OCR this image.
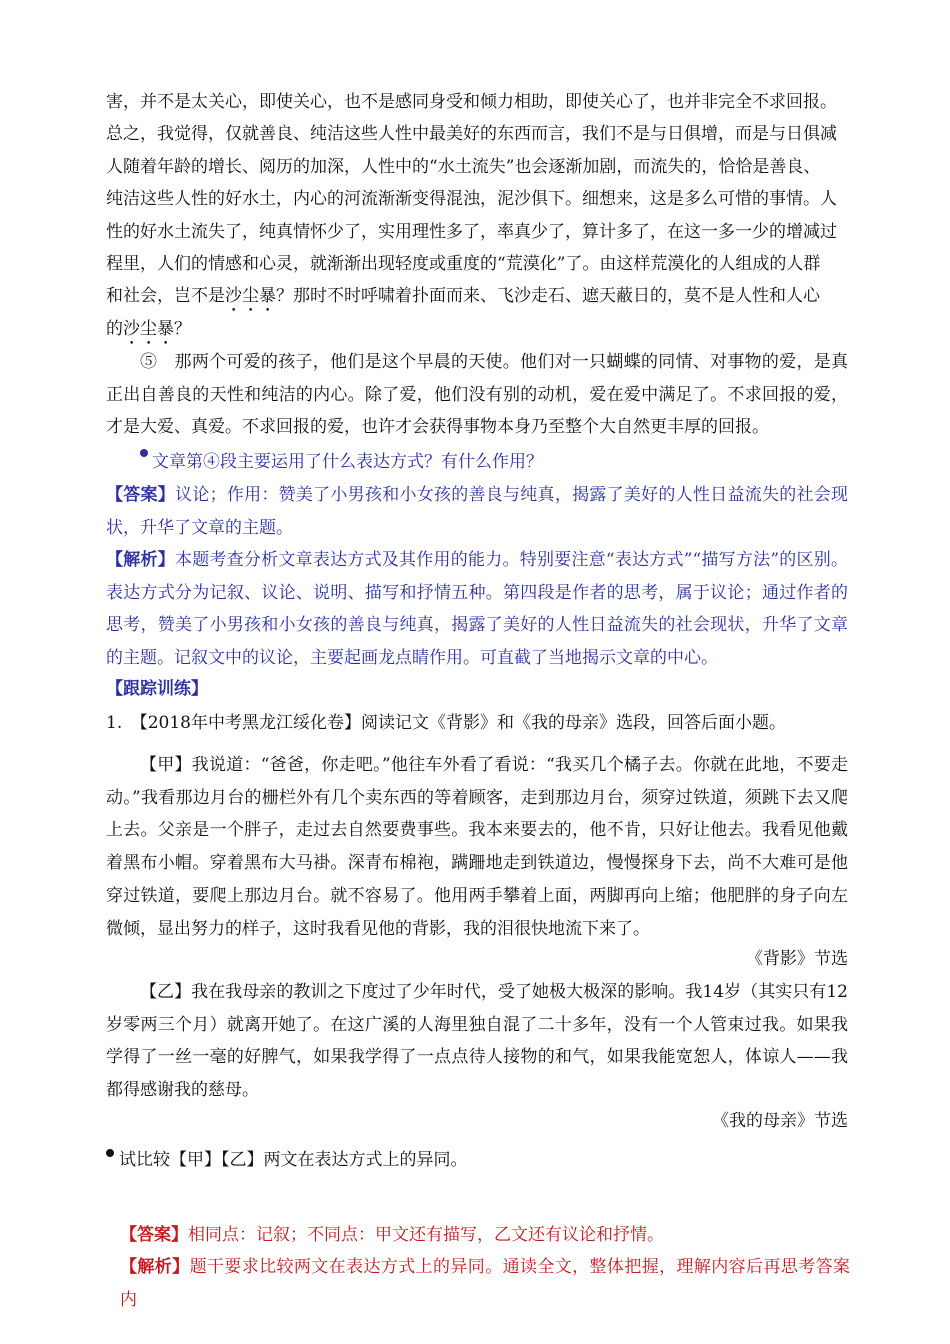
害，并不是太关心，即使关心，也不是感同身受和倾力相助，即使关心了，也并非完全不求回报。

总之，我觉得，仅就善良、纯洁这些人性中最美好的东西而言，我们不是与日俱增，而是与日俱减

人随着年龄的增长、阅历的加深，人性中的“水土流失”也会逐渐加剧，而流失的，恰恰是善良、

纯洁这些人性的好水土，内心的河流渐渐变得混浊，泥沙俱下。细想来，这是多么可惜的事情。人

性的好水土流失了，纯真情怀少了，实用理性多了，率真少了，算计多了，在这一多一少的增减过

程里，人们的情感和心灵，就渐渐出现轻度或重度的“荒漠化”了。由这样荒漠化的人组成的人群

和社会，岂不是沙尘暴？那时不时呼啸着扑面而来、飞沙走石、遮天蔽日的，莫不是人性和人心

的沙尘暴？

⑤　那两个可爱的孩子，他们是这个早晨的天使。他们对一只蝴蝶的同情、对事物的爱，是真正出自善良的天性和纯洁的内心。除了爱，他们没有别的动机，爱在爱中满足了。不求回报的爱，才是大爱、真爱。不求回报的爱，也许才会获得事物本身乃至整个大自然更丰厚的回报。

文章第④段主要运用了什么表达方式？有什么作用？

【答案】议论；作用：赞美了小男孩和小女孩的善良与纯真，揭露了美好的人性日益流失的社会现状，升华了文章的主题。

【解析】本题考查分析文章表达方式及其作用的能力。特别要注意“表达方式”“描写方法”的区别。表达方式分为记叙、议论、说明、描写和抒情五种。第四段是作者的思考，属于议论；通过作者的思考，赞美了小男孩和小女孩的善良与纯真，揭露了美好的人性日益流失的社会现状，升华了文章的主题。记叙文中的议论，主要起画龙点睛作用。可直截了当地揭示文章的中心。

【跟踪训练】

1.　【2018年中考黑龙江绥化卷】阅读记文《背影》和《我的母亲》选段，回答后面小题。

【甲】我说道：“爸爸，你走吧。”他往车外看了看说：“我买几个橘子去。你就在此地，不要走动。”我看那边月台的栅栏外有几个卖东西的等着顾客，走到那边月台，须穿过铁道，须跳下去又爬上去。父亲是一个胖子，走过去自然要费事些。我本来要去的，他不肯，只好让他去。我看见他戴着黑布小帽。穿着黑布大马褂。深青布棉袍，蹒跚地走到铁道边，慢慢探身下去，尚不大难可是他穿过铁道，要爬上那边月台。就不容易了。他用两手攀着上面，两脚再向上缩；他肥胖的身子向左微倾，显出努力的样子，这时我看见他的背影，我的泪很快地流下来了。

《背影》节选

【乙】我在我母亲的教训之下度过了少年时代，受了她极大极深的影响。我14岁（其实只有12岁零两三个月）就离开她了。在这广溪的人海里独自混了二十多年，没有一个人管束过我。如果我学得了一丝一毫的好脾气，如果我学得了一点点待人接物的和气，如果我能宽恕人，体谅人——我都得感谢我的慈母。

《我的母亲》节选

试比较【甲】【乙】两文在表达方式上的异同。

【答案】相同点：记叙；不同点：甲文还有描写，乙文还有议论和抒情。

【解析】题干要求比较两文在表达方式上的异同。通读全文，整体把握，理解内容后再思考答案内
